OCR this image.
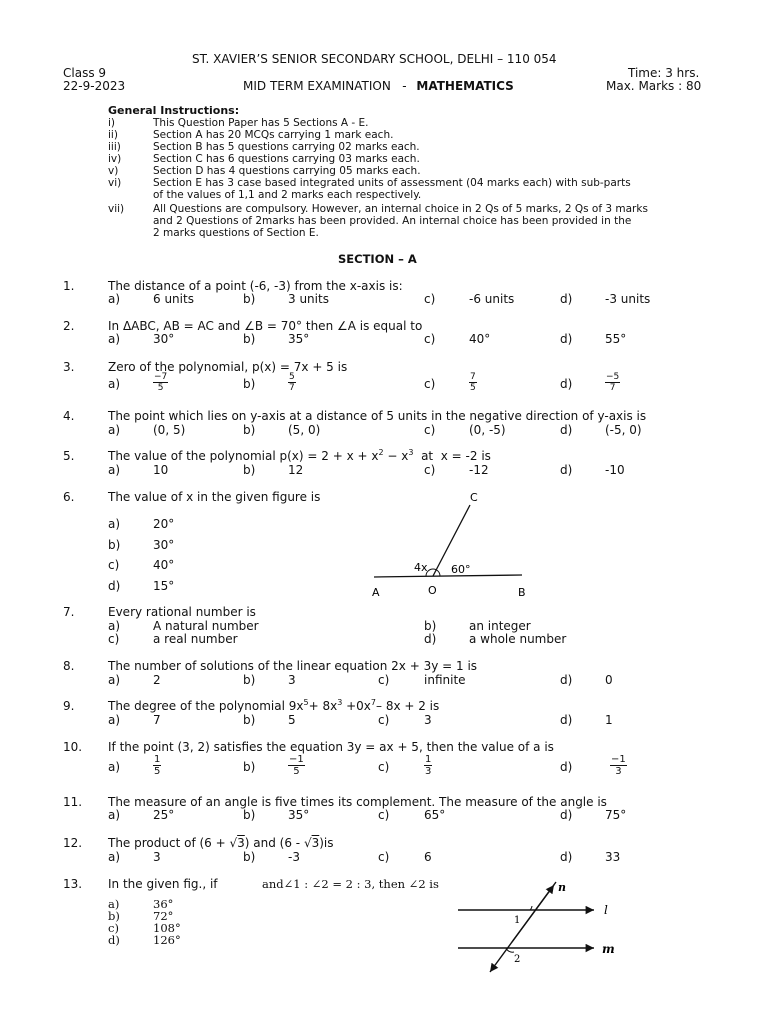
ST. XAVIER’S SENIOR SECONDARY SCHOOL, DELHI – 110 054
Class 9	Time: 3 hrs.
22-9-2023	MID TERM EXAMINATION   - MATHEMATICS	Max. Marks : 80
General Instructions:
i)	This Question Paper has 5 Sections A - E.
ii)	Section A has 20 MCQs carrying 1 mark each.
iii)	Section B has 5 questions carrying 02 marks each.
iv)	Section C has 6 questions carrying 03 marks each.
v)	Section D has 4 questions carrying 05 marks each.
vi)	Section E has 3 case based integrated units of assessment (04 marks each) with sub-parts
of the values of 1,1 and 2 marks each respectively.
vii)	All Questions are compulsory. However, an internal choice in 2 Qs of 5 marks, 2 Qs of 3 marks
and 2 Questions of 2marks has been provided. An internal choice has been provided in the
2 marks questions of Section E.
SECTION – A
1.	The distance of a point (-6, -3) from the x-axis is:
a)	6 units	b)	3 units	c)	-6 units	d)	-3 units
2.	In ΔABC, AB = AC and ∠B = 70° then ∠A is equal to
a)	30°	b)	35°	c)	40°	d)	55°
3.	Zero of the polynomial, p(x) = 7x + 5 is
a)	$\frac{-7}{5}$	b)	$\frac{5}{7}$	c)	$\frac{7}{5}$	d)	$\frac{-5}{7}$
4.	The point which lies on y-axis at a distance of 5 units in the negative direction of y-axis is
a)	(0, 5)	b)	(5, 0)	c)	(0, -5)	d)	(-5, 0)
5.	The value of the polynomial $p(x) = 2 + x + x^2 - x^3$  at  x = -2 is
a)	10	b)	12	c)	-12	d)	-10
6.	The value of x in the given figure is
a)	20°
b)	30°
c)	40°
d)	15°
C
A	O	B
4x 60°
7.	Every rational number is
a)	A natural number	b)	an integer
c)	a real number	d)	a whole number
8.	The number of solutions of the linear equation 2x + 3y = 1 is
a)	2	b)	3	c)	infinite	d)	0
9.	The degree of the polynomial $9x^5+ 8x^3 +0x^7-$ 8x + 2 is
a)	7	b)	5	c)	3	d)	1
10. If the point (3, 2) satisfies the equation 3y = ax + 5, then the value of a is
a)	$\frac{1}{5}$	b)	$\frac{-1}{5}$	c)	$\frac{1}{3}$	d)	$\frac{-1}{3}$
11. The measure of an angle is five times its complement. The measure of the angle is
a)	25°	b)	35°	c)	65°	d)	75°
12. The product of (6 + √3) and (6 - √3)is
a)	3	b)	-3	c)	6	d)	33
13. In the given fig., if	and∠1 : ∠2 = 2 : 3, then ∠2 is
a)	36°
b)	72°
c)	108°
d)	126°
n
l
m
1
2
